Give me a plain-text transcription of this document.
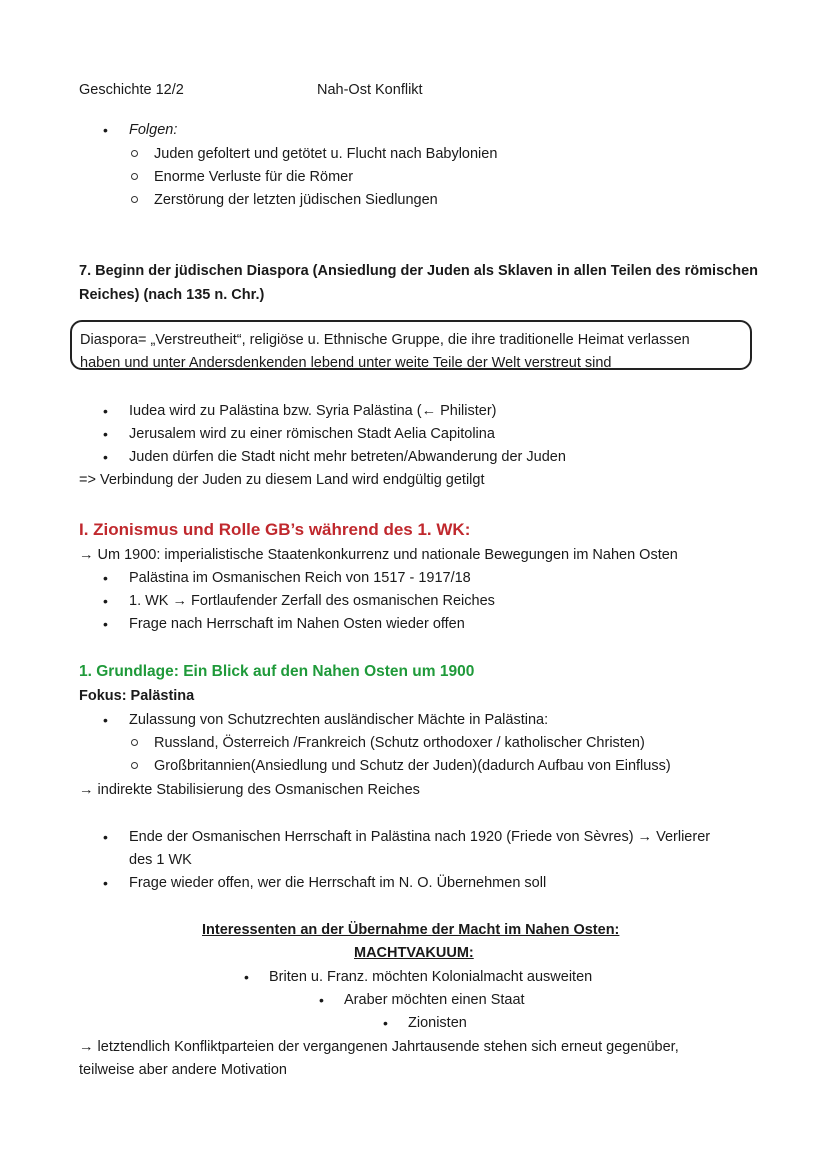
Geschichte 12/2	Nah-Ost Konflikt
• Folgen:
Juden gefoltert und getötet u. Flucht nach Babylonien
Enorme Verluste für die Römer
Zerstörung der letzten jüdischen Siedlungen
7. Beginn der jüdischen Diaspora (Ansiedlung der Juden als Sklaven in allen Teilen des römischen
Reiches) (nach 135 n. Chr.)
Diaspora= „Verstreutheit“, religiöse u. Ethnische Gruppe, die ihre traditionelle Heimat verlassen
haben und unter Andersdenkenden lebend unter weite Teile der Welt verstreut sind
• Iudea wird zu Palästina bzw. Syria Palästina (← Philister)
• Jerusalem wird zu einer römischen Stadt Aelia Capitolina
• Juden dürfen die Stadt nicht mehr betreten/Abwanderung der Juden
=> Verbindung der Juden zu diesem Land wird endgültig getilgt
I. Zionismus und Rolle GB’s während des 1. WK:
→ Um 1900: imperialistische Staatenkonkurrenz und nationale Bewegungen im Nahen Osten
• Palästina im Osmanischen Reich von 1517 - 1917/18
• 1. WK → Fortlaufender Zerfall des osmanischen Reiches
• Frage nach Herrschaft im Nahen Osten wieder offen
1. Grundlage: Ein Blick auf den Nahen Osten um 1900
Fokus: Palästina
• Zulassung von Schutzrechten ausländischer Mächte in Palästina:
Russland, Österreich /Frankreich (Schutz orthodoxer / katholischer Christen)
Großbritannien(Ansiedlung und Schutz der Juden)(dadurch Aufbau von Einfluss)
→ indirekte Stabilisierung des Osmanischen Reiches
• Ende der Osmanischen Herrschaft in Palästina nach 1920 (Friede von Sèvres) → Verlierer
des 1 WK
• Frage wieder offen, wer die Herrschaft im N. O. Übernehmen soll
Interessenten an der Übernahme der Macht im Nahen Osten:
MACHTVAKUUM:
• Briten u. Franz. möchten Kolonialmacht ausweiten
• Araber möchten einen Staat
• Zionisten
→ letztendlich Konfliktparteien der vergangenen Jahrtausende stehen sich erneut gegenüber,
teilweise aber andere Motivation
